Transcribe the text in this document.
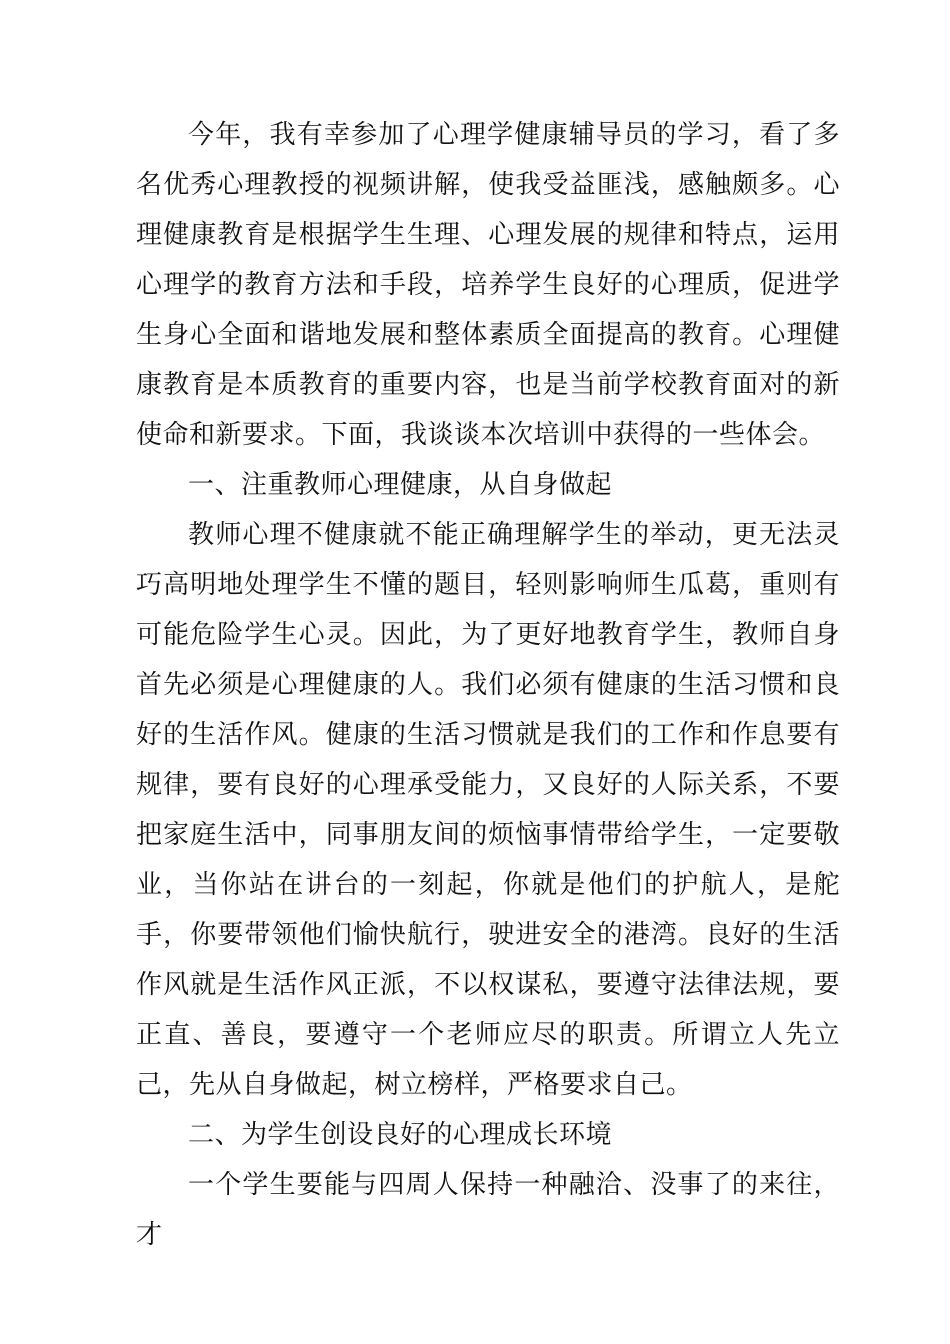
今年，我有幸参加了心理学健康辅导员的学习，看了多名优秀心理教授的视频讲解，使我受益匪浅，感触颇多。心理健康教育是根据学生生理、心理发展的规律和特点，运用心理学的教育方法和手段，培养学生良好的心理质，促进学生身心全面和谐地发展和整体素质全面提高的教育。心理健康教育是本质教育的重要内容，也是当前学校教育面对的新使命和新要求。下面，我谈谈本次培训中获得的一些体会。

一、注重教师心理健康，从自身做起

教师心理不健康就不能正确理解学生的举动，更无法灵巧高明地处理学生不懂的题目，轻则影响师生瓜葛，重则有可能危险学生心灵。因此，为了更好地教育学生，教师自身首先必须是心理健康的人。我们必须有健康的生活习惯和良好的生活作风。健康的生活习惯就是我们的工作和作息要有规律，要有良好的心理承受能力，又良好的人际关系，不要把家庭生活中，同事朋友间的烦恼事情带给学生，一定要敬业，当你站在讲台的一刻起，你就是他们的护航人，是舵手，你要带领他们愉快航行，驶进安全的港湾。良好的生活作风就是生活作风正派，不以权谋私，要遵守法律法规，要正直、善良，要遵守一个老师应尽的职责。所谓立人先立己，先从自身做起，树立榜样，严格要求自己。

二、为学生创设良好的心理成长环境

一个学生要能与四周人保持一种融洽、没事了的来往，才
